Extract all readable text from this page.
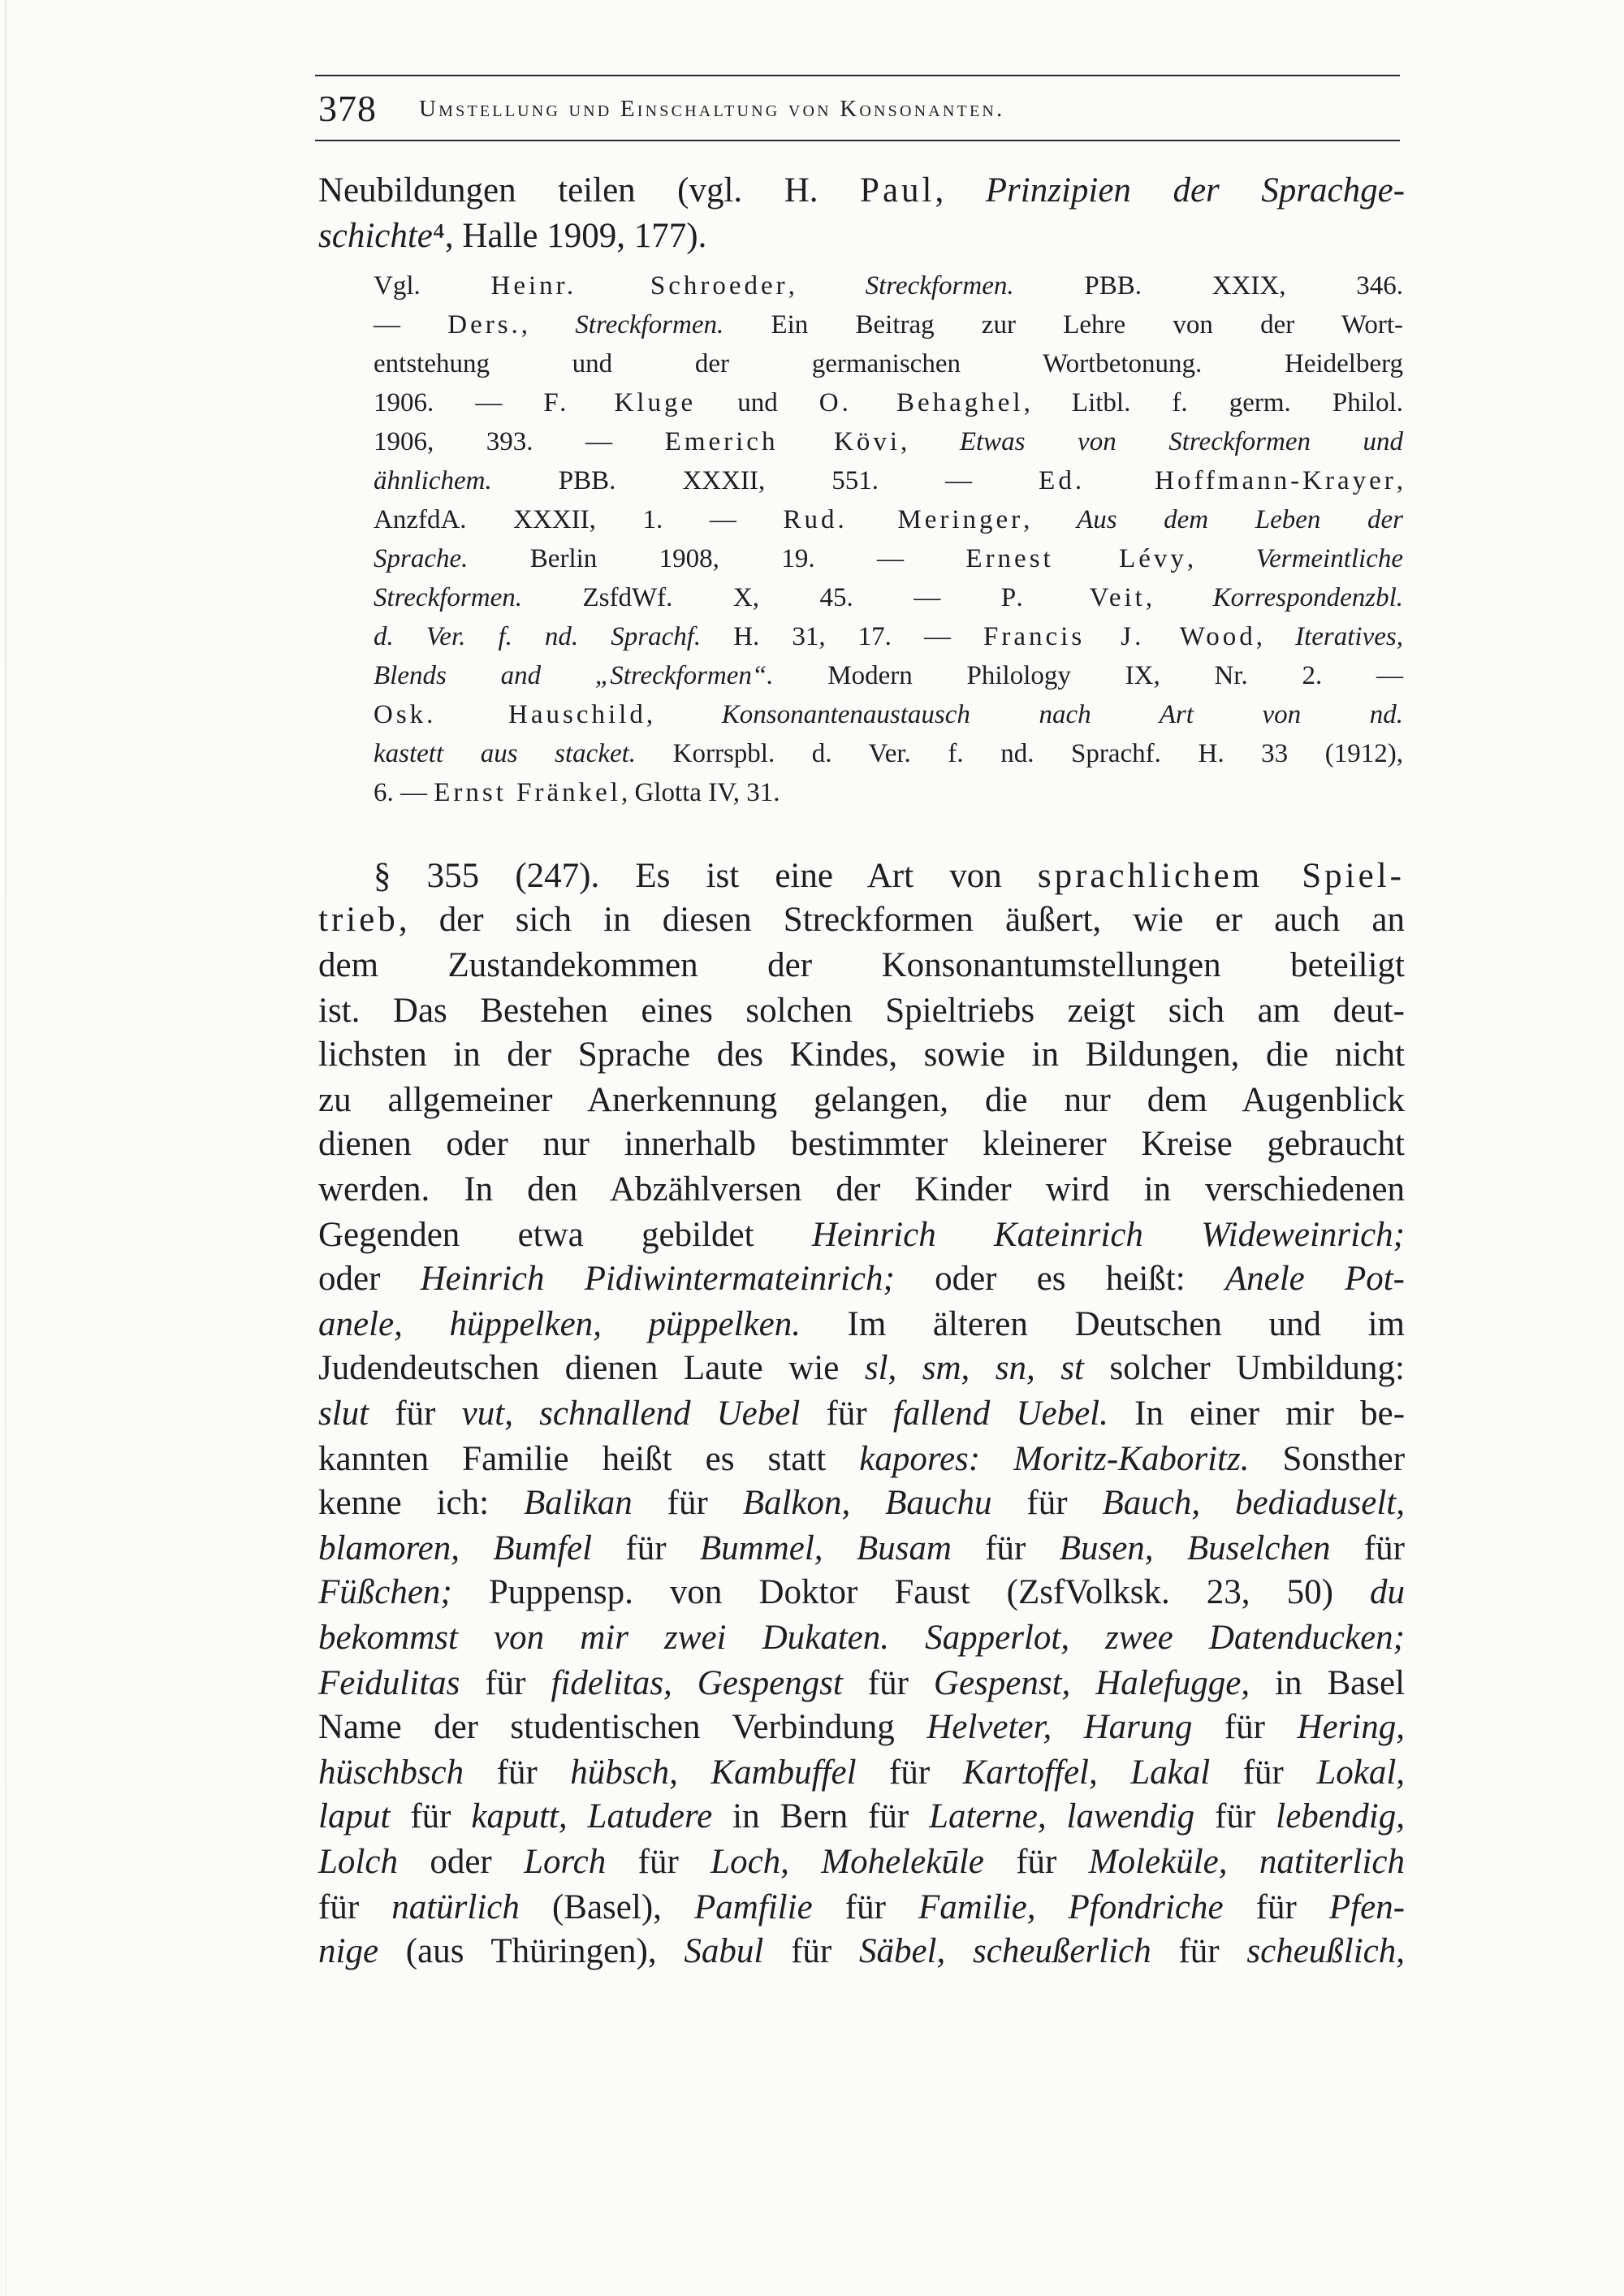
378 Umstellung und Einschaltung von Konsonanten.
Neubildungen teilen (vgl. H. Paul, Prinzipien der Sprachge-
schichte⁴, Halle 1909, 177).
Vgl. Heinr. Schroeder, Streckformen. PBB. XXIX, 346.
— Ders., Streckformen. Ein Beitrag zur Lehre von der Wort-
entstehung und der germanischen Wortbetonung. Heidelberg
1906. — F. Kluge und O. Behaghel, Litbl. f. germ. Philol.
1906, 393. — Emerich Kövi, Etwas von Streckformen und
ähnlichem. PBB. XXXII, 551. — Ed. Hoffmann-Krayer,
AnzfdA. XXXII, 1. — Rud. Meringer, Aus dem Leben der
Sprache. Berlin 1908, 19. — Ernest Lévy, Vermeintliche
Streckformen. ZsfdWf. X, 45. — P. Veit, Korrespondenzbl.
d. Ver. f. nd. Sprachf. H. 31, 17. — Francis J. Wood, Iteratives,
Blends and „Streckformen“. Modern Philology IX, Nr. 2. —
Osk. Hauschild, Konsonantenaustausch nach Art von nd.
kastett aus stacket. Korrspbl. d. Ver. f. nd. Sprachf. H. 33 (1912),
6. — Ernst Fränkel, Glotta IV, 31.
§ 355 (247). Es ist eine Art von sprachlichem Spiel-
trieb, der sich in diesen Streckformen äußert, wie er auch an
dem Zustandekommen der Konsonantumstellungen beteiligt
ist. Das Bestehen eines solchen Spieltriebs zeigt sich am deut-
lichsten in der Sprache des Kindes, sowie in Bildungen, die nicht
zu allgemeiner Anerkennung gelangen, die nur dem Augenblick
dienen oder nur innerhalb bestimmter kleinerer Kreise gebraucht
werden. In den Abzählversen der Kinder wird in verschiedenen
Gegenden etwa gebildet Heinrich Kateinrich Wideweinrich;
oder Heinrich Pidiwintermateinrich; oder es heißt: Anele Pot-
anele, hüppelken, püppelken. Im älteren Deutschen und im
Judendeutschen dienen Laute wie sl, sm, sn, st solcher Umbildung:
slut für vut, schnallend Uebel für fallend Uebel. In einer mir be-
kannten Familie heißt es statt kapores: Moritz-Kaboritz. Sonsther
kenne ich: Balikan für Balkon, Bauchu für Bauch, bediaduselt,
blamoren, Bumfel für Bummel, Busam für Busen, Buselchen für
Füßchen; Puppensp. von Doktor Faust (ZsfVolksk. 23, 50) du
bekommst von mir zwei Dukaten. Sapperlot, zwee Datenducken;
Feidulitas für fidelitas, Gespengst für Gespenst, Halefugge, in Basel
Name der studentischen Verbindung Helveter, Harung für Hering,
hüschbsch für hübsch, Kambuffel für Kartoffel, Lakal für Lokal,
laput für kaputt, Latudere in Bern für Laterne, lawendig für lebendig,
Lolch oder Lorch für Loch, Mohelekūle für Moleküle, natiterlich
für natürlich (Basel), Pamfilie für Familie, Pfondriche für Pfen-
nige (aus Thüringen), Sabul für Säbel, scheußerlich für scheußlich,
